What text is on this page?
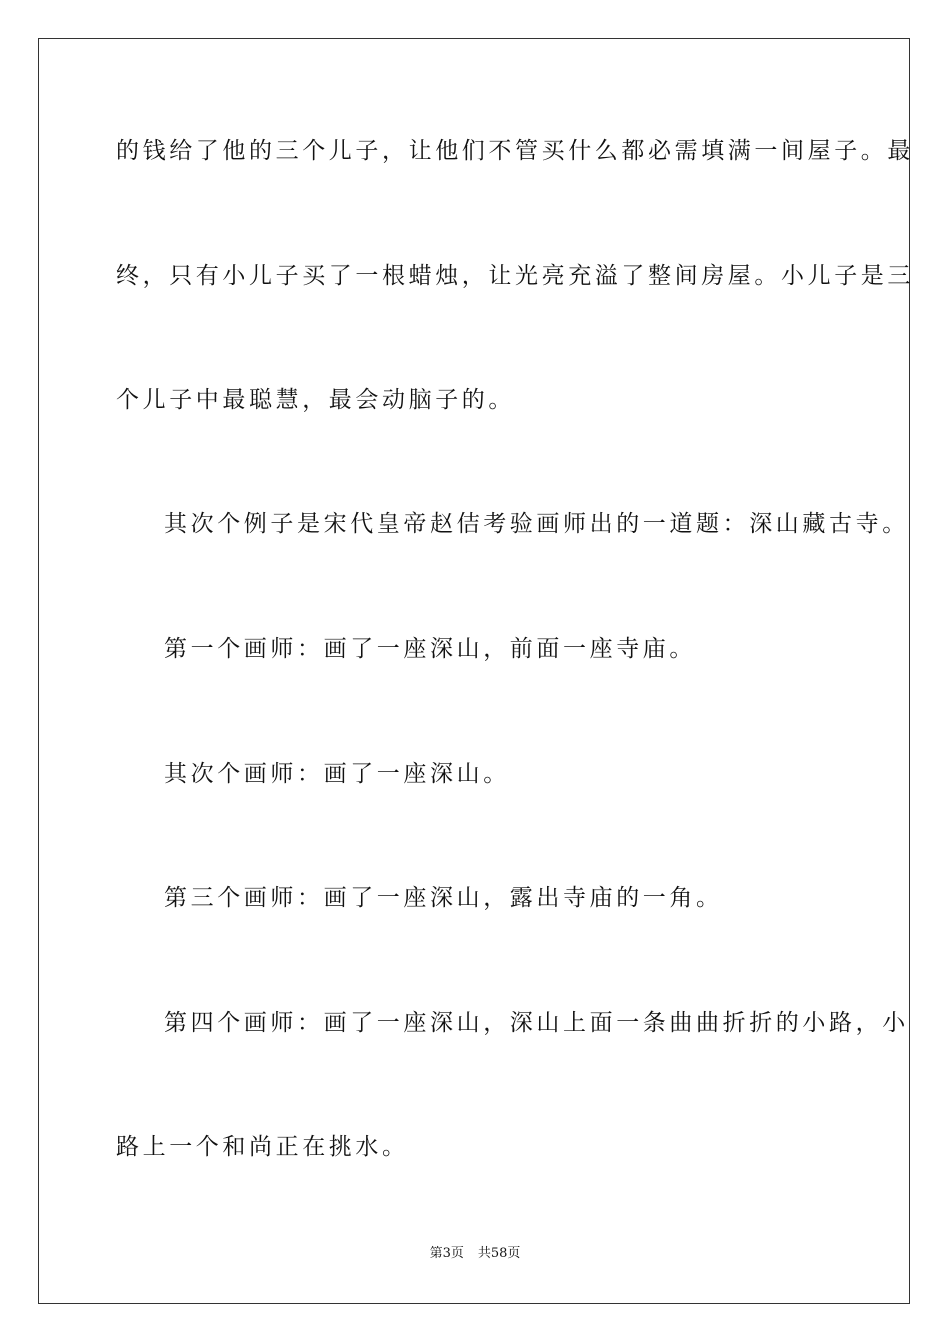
的钱给了他的三个儿子，让他们不管买什么都必需填满一间屋子。最
终，只有小儿子买了一根蜡烛，让光亮充溢了整间房屋。小儿子是三
个儿子中最聪慧，最会动脑子的。
其次个例子是宋代皇帝赵佶考验画师出的一道题：深山藏古寺。
第一个画师：画了一座深山，前面一座寺庙。
其次个画师：画了一座深山。
第三个画师：画了一座深山，露出寺庙的一角。
第四个画师：画了一座深山，深山上面一条曲曲折折的小路，小
路上一个和尚正在挑水。
第3页 共58页
